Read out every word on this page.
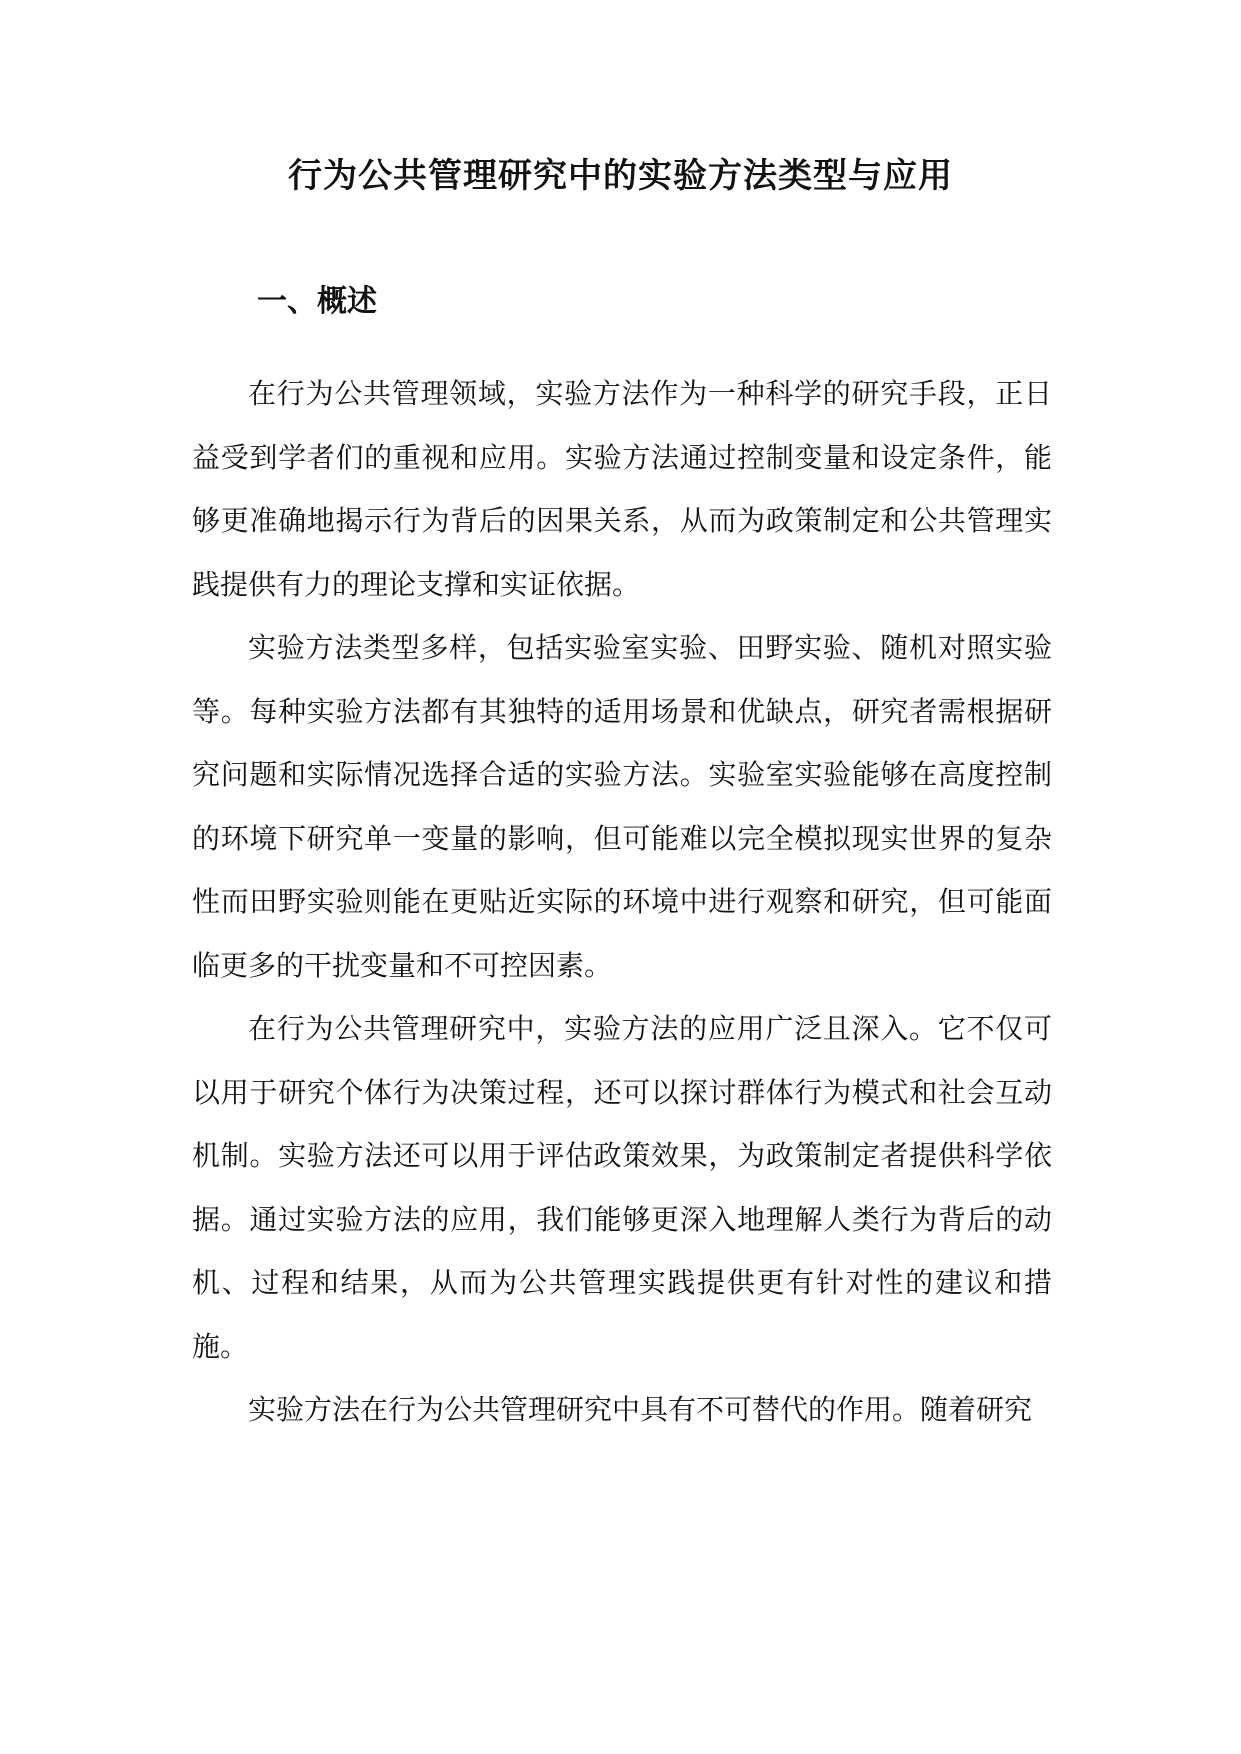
行为公共管理研究中的实验方法类型与应用
一、概述

在行为公共管理领域，实验方法作为一种科学的研究手段，正日益受到学者们的重视和应用。实验方法通过控制变量和设定条件，能够更准确地揭示行为背后的因果关系，从而为政策制定和公共管理实践提供有力的理论支撑和实证依据。

实验方法类型多样，包括实验室实验、田野实验、随机对照实验等。每种实验方法都有其独特的适用场景和优缺点，研究者需根据研究问题和实际情况选择合适的实验方法。实验室实验能够在高度控制的环境下研究单一变量的影响，但可能难以完全模拟现实世界的复杂性而田野实验则能在更贴近实际的环境中进行观察和研究，但可能面临更多的干扰变量和不可控因素。

在行为公共管理研究中，实验方法的应用广泛且深入。它不仅可以用于研究个体行为决策过程，还可以探讨群体行为模式和社会互动机制。实验方法还可以用于评估政策效果，为政策制定者提供科学依据。通过实验方法的应用，我们能够更深入地理解人类行为背后的动机、过程和结果，从而为公共管理实践提供更有针对性的建议和措施。

实验方法在行为公共管理研究中具有不可替代的作用。随着研究
